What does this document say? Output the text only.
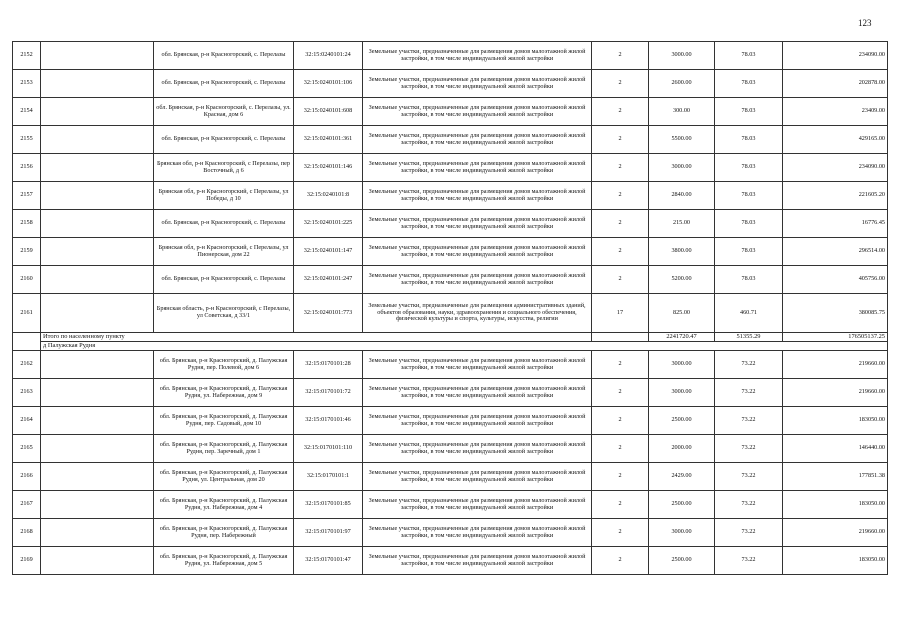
123
2152		обл. Брянская, р-н Красногорский, с. Перелазы	32:15:0240101:24	Земельные участки, предназначенные для размещения домов малоэтажной жилой застройки, в том числе индивидуальной жилой застройки	2	3000.00	78.03	234090.00
2153		обл. Брянская, р-н Красногорский, с. Перелазы	32:15:0240101:106	Земельные участки, предназначенные для размещения домов малоэтажной жилой застройки, в том числе индивидуальной жилой застройки	2	2600.00	78.03	202878.00
2154		обл. Брянская, р-н Красногорский, с. Перелазы, ул. Красная, дом 6	32:15:0240101:608	Земельные участки, предназначенные для размещения домов малоэтажной жилой застройки, в том числе индивидуальной жилой застройки	2	300.00	78.03	23409.00
2155		обл. Брянская, р-н Красногорский, с. Перелазы	32:15:0240101:361	Земельные участки, предназначенные для размещения домов малоэтажной жилой застройки, в том числе индивидуальной жилой застройки	2	5500.00	78.03	429165.00
2156		Брянская обл, р-н Красногорский, с Перелазы, пер Восточный, д 6	32:15:0240101:146	Земельные участки, предназначенные для размещения домов малоэтажной жилой застройки, в том числе индивидуальной жилой застройки	2	3000.00	78.03	234090.00
2157		Брянская обл, р-н Красногорский, с Перелазы, ул Победы, д 10	32:15:0240101:8	Земельные участки, предназначенные для размещения домов малоэтажной жилой застройки, в том числе индивидуальной жилой застройки	2	2840.00	78.03	221605.20
2158		обл. Брянская, р-н Красногорский, с. Перелазы	32:15:0240101:225	Земельные участки, предназначенные для размещения домов малоэтажной жилой застройки, в том числе индивидуальной жилой застройки	2	215.00	78.03	16776.45
2159		Брянская обл, р-н Красногорский, с Перелазы, ул Пионерская, дом 22	32:15:0240101:147	Земельные участки, предназначенные для размещения домов малоэтажной жилой застройки, в том числе индивидуальной жилой застройки	2	3800.00	78.03	296514.00
2160		обл. Брянская, р-н Красногорский, с. Перелазы	32:15:0240101:247	Земельные участки, предназначенные для размещения домов малоэтажной жилой застройки, в том числе индивидуальной жилой застройки	2	5200.00	78.03	405756.00
2161		Брянская область, р-н Красногорский, с Перелазы, ул Советская, д 33/1	32:15:0240101:773	Земельные участки, предназначенные для размещения административных зданий, объектов образования, науки, здравоохранения и социального обеспечения, физической культуры и спорта, культуры, искусства, религии	17	825.00	460.71	380085.75
	Итого по населенному пункту					2241720.47	51355.29	176505137.25
	д Палужская Рудня							
2162		обл. Брянская, р-н Красногорский, д. Палужская Рудня, пер. Полевой, дом 6	32:15:0170101:28	Земельные участки, предназначенные для размещения домов малоэтажной жилой застройки, в том числе индивидуальной жилой застройки	2	3000.00	73.22	219660.00
2163		обл. Брянская, р-н Красногорский, д. Палужская Рудня, ул. Набережная, дом 9	32:15:0170101:72	Земельные участки, предназначенные для размещения домов малоэтажной жилой застройки, в том числе индивидуальной жилой застройки	2	3000.00	73.22	219660.00
2164		обл. Брянская, р-н Красногорский, д. Палужская Рудня, пер. Садовый, дом 10	32:15:0170101:46	Земельные участки, предназначенные для размещения домов малоэтажной жилой застройки, в том числе индивидуальной жилой застройки	2	2500.00	73.22	183050.00
2165		обл. Брянская, р-н Красногорский, д. Палужская Рудня, пер. Заречный, дом 1	32:15:0170101:110	Земельные участки, предназначенные для размещения домов малоэтажной жилой застройки, в том числе индивидуальной жилой застройки	2	2000.00	73.22	146440.00
2166		обл. Брянская, р-н Красногорский, д. Палужская Рудня, ул. Центральная, дом 20	32:15:0170101:1	Земельные участки, предназначенные для размещения домов малоэтажной жилой застройки, в том числе индивидуальной жилой застройки	2	2429.00	73.22	177851.38
2167		обл. Брянская, р-н Красногорский, д. Палужская Рудня, ул. Набережная, дом 4	32:15:0170101:85	Земельные участки, предназначенные для размещения домов малоэтажной жилой застройки, в том числе индивидуальной жилой застройки	2	2500.00	73.22	183050.00
2168		обл. Брянская, р-н Красногорский, д. Палужская Рудня, пер. Набережный	32:15:0170101:97	Земельные участки, предназначенные для размещения домов малоэтажной жилой застройки, в том числе индивидуальной жилой застройки	2	3000.00	73.22	219660.00
2169		обл. Брянская, р-н Красногорский, д. Палужская Рудня, ул. Набережная, дом 5	32:15:0170101:47	Земельные участки, предназначенные для размещения домов малоэтажной жилой застройки, в том числе индивидуальной жилой застройки	2	2500.00	73.22	183050.00
